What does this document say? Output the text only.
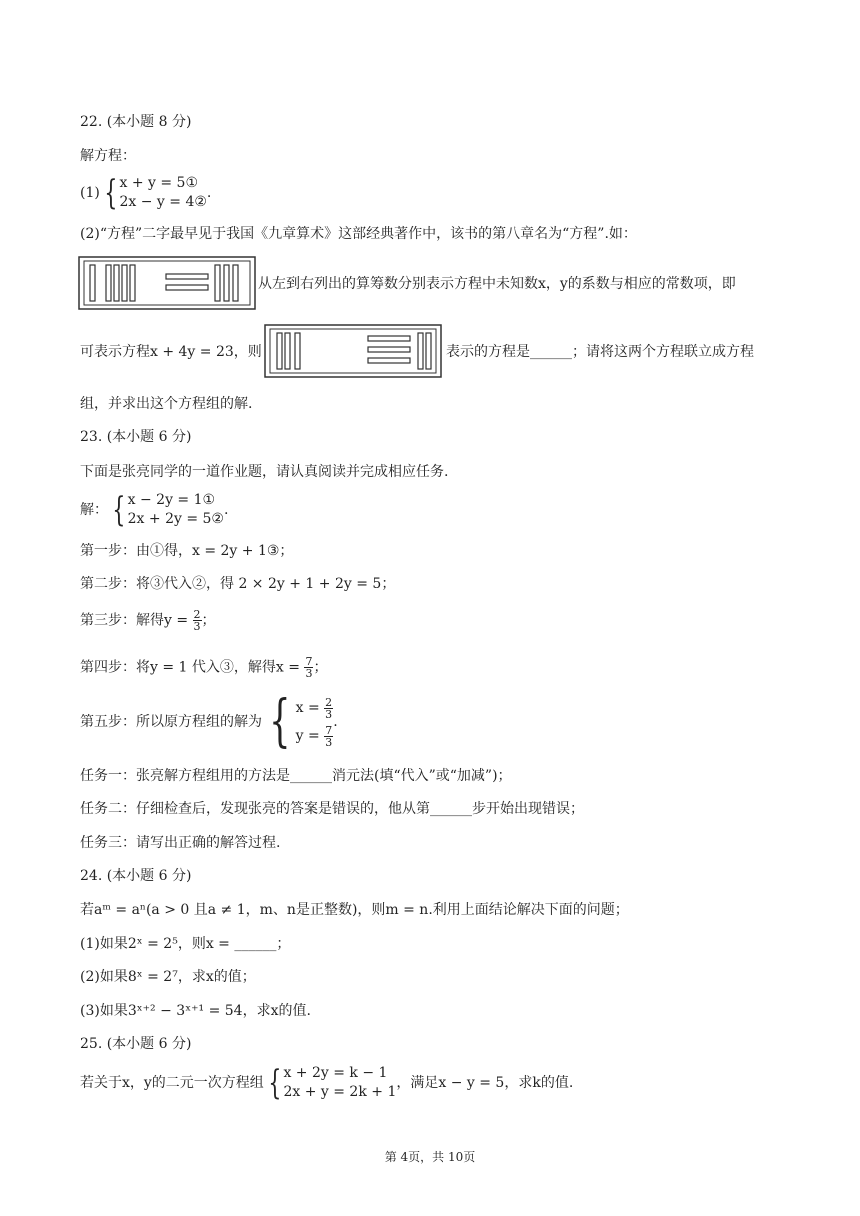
22. (本小题 8 分)
解方程：
(1) { x + y = 5①
2x − y = 4②
.
(2)“方程”二字最早见于我国《九章算术》这部经典著作中，该书的第八章名为“方程”.如：
从左到右列出的算筹数分别表示方程中未知数x，y的系数与相应的常数项，即
可表示方程x + 4y = 23，则	表示的方程是______；请将这两个方程联立成方程
组，并求出这个方程组的解.
23. (本小题 6 分)
下面是张亮同学的一道作业题，请认真阅读并完成相应任务.
解： { x − 2y = 1①
2x + 2y = 5②
.
第一步：由①得，x = 2y + 1③；
第二步：将③代入②，得 2 × 2y + 1 + 2y = 5；
第三步：解得$y = \frac{2}{3}$ ；
第四步：将y = 1 代入③，解得$x = \frac{7}{3}$ ；
第五步：所以原方程组的解为 { $x = \frac{2}{3}$
$y = \frac{7}{3}$
.
任务一：张亮解方程组用的方法是______消元法(填“代入”或“加减”)；
任务二：仔细检查后，发现张亮的答案是错误的，他从第______步开始出现错误；
任务三：请写出正确的解答过程.
24. (本小题 6 分)
若aᵐ = aⁿ(a > 0 且a ≠ 1，m、n是正整数)，则m = n.利用上面结论解决下面的问题；
(1)如果2ˣ = 2⁵，则x = ______；
(2)如果8ˣ = 2⁷，求x的值；
(3)如果3ˣ⁺² − 3ˣ⁺¹ = 54，求x的值.
25. (本小题 6 分)
若关于x，y的二元一次方程组 { x + 2y = k − 1
2x + y = 2k + 1
，满足x − y = 5，求k的值.
第 4页，共 10页
